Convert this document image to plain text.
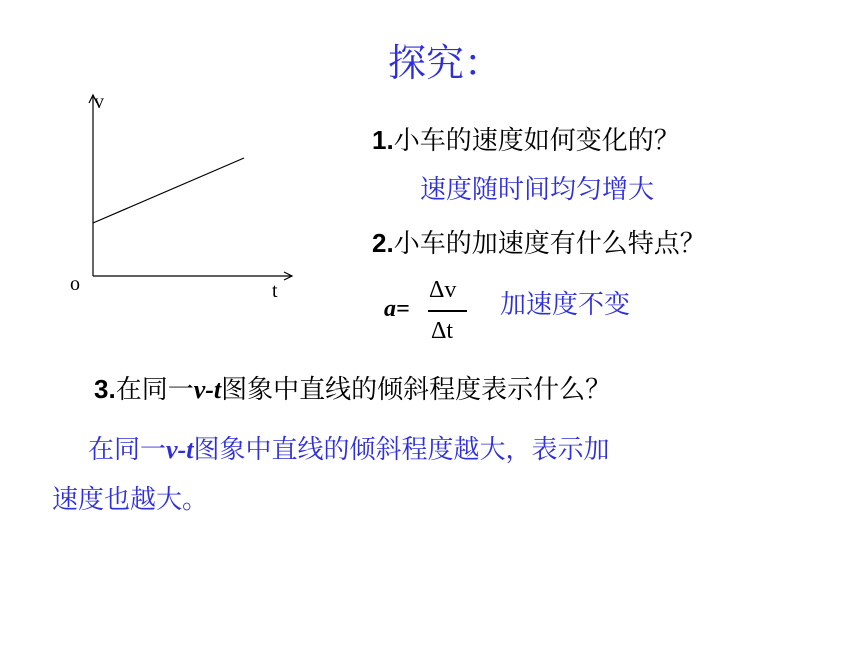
探究：
v
t
o
1.小车的速度如何变化的？
速度随时间均匀增大
2.小车的加速度有什么特点？
a=
Δv
Δt
加速度不变
3.在同一v-t图象中直线的倾斜程度表示什么？
在同一v-t图象中直线的倾斜程度越大，表示加
速度也越大。
